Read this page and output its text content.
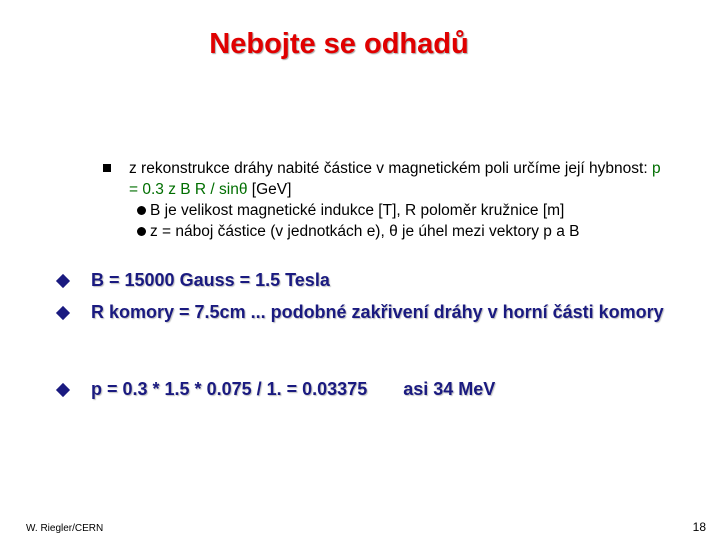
Nebojte se odhadů
z rekonstrukce dráhy nabité částice v magnetickém poli určíme její hybnost: p = 0.3 z B R / sinθ [GeV]
B je velikost magnetické indukce [T], R poloměr kružnice [m]
z = náboj částice (v jednotkách e), θ je úhel mezi vektory p a B
B = 15000 Gauss = 1.5 Tesla
R komory = 7.5cm ... podobné zakřivení dráhy v horní části komory
p = 0.3 * 1.5 * 0.075 / 1. = 0.03375 asi 34 MeV
W. Riegler/CERN	18
